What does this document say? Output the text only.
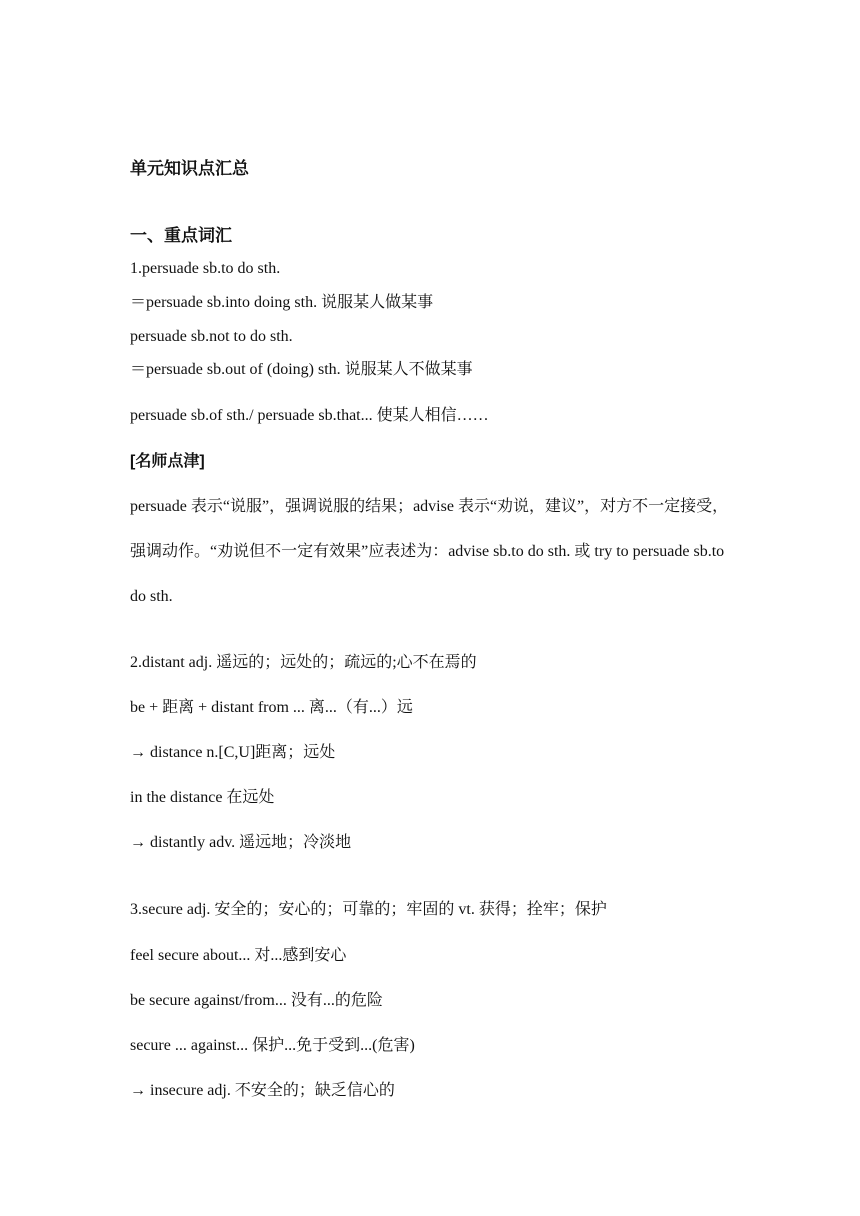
单元知识点汇总
一、重点词汇
1.persuade sb.to do sth.
＝persuade sb.into doing sth. 说服某人做某事
persuade sb.not to do sth.
＝persuade sb.out of (doing) sth. 说服某人不做某事
persuade sb.of sth./ persuade sb.that... 使某人相信……
[名师点津]
persuade 表示“说服”，强调说服的结果；advise 表示“劝说，建议”，对方不一定接受，强调动作。“劝说但不一定有效果”应表述为：advise sb.to do sth. 或 try to persuade sb.to do sth.
2.distant adj. 遥远的；远处的；疏远的;心不在焉的
be + 距离 + distant from ... 离...（有...）远
→ distance n.[C,U]距离；远处
in the distance 在远处
→ distantly adv. 遥远地；冷淡地
3.secure adj. 安全的；安心的；可靠的；牢固的 vt. 获得；拴牢；保护
feel secure about... 对...感到安心
be secure against/from... 没有...的危险
secure ... against... 保护...免于受到...(危害)
→ insecure adj. 不安全的；缺乏信心的
